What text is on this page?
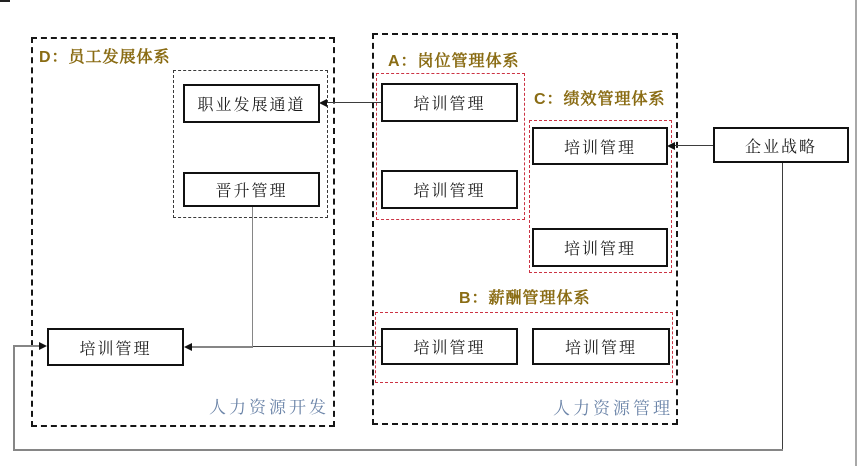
D：员工发展体系
职业发展通道
晋升管理
培训管理
人力资源开发
A：岗位管理体系
培训管理
培训管理
C：绩效管理体系
培训管理
培训管理
B：薪酬管理体系
培训管理	培训管理
人力资源管理
企业战略
